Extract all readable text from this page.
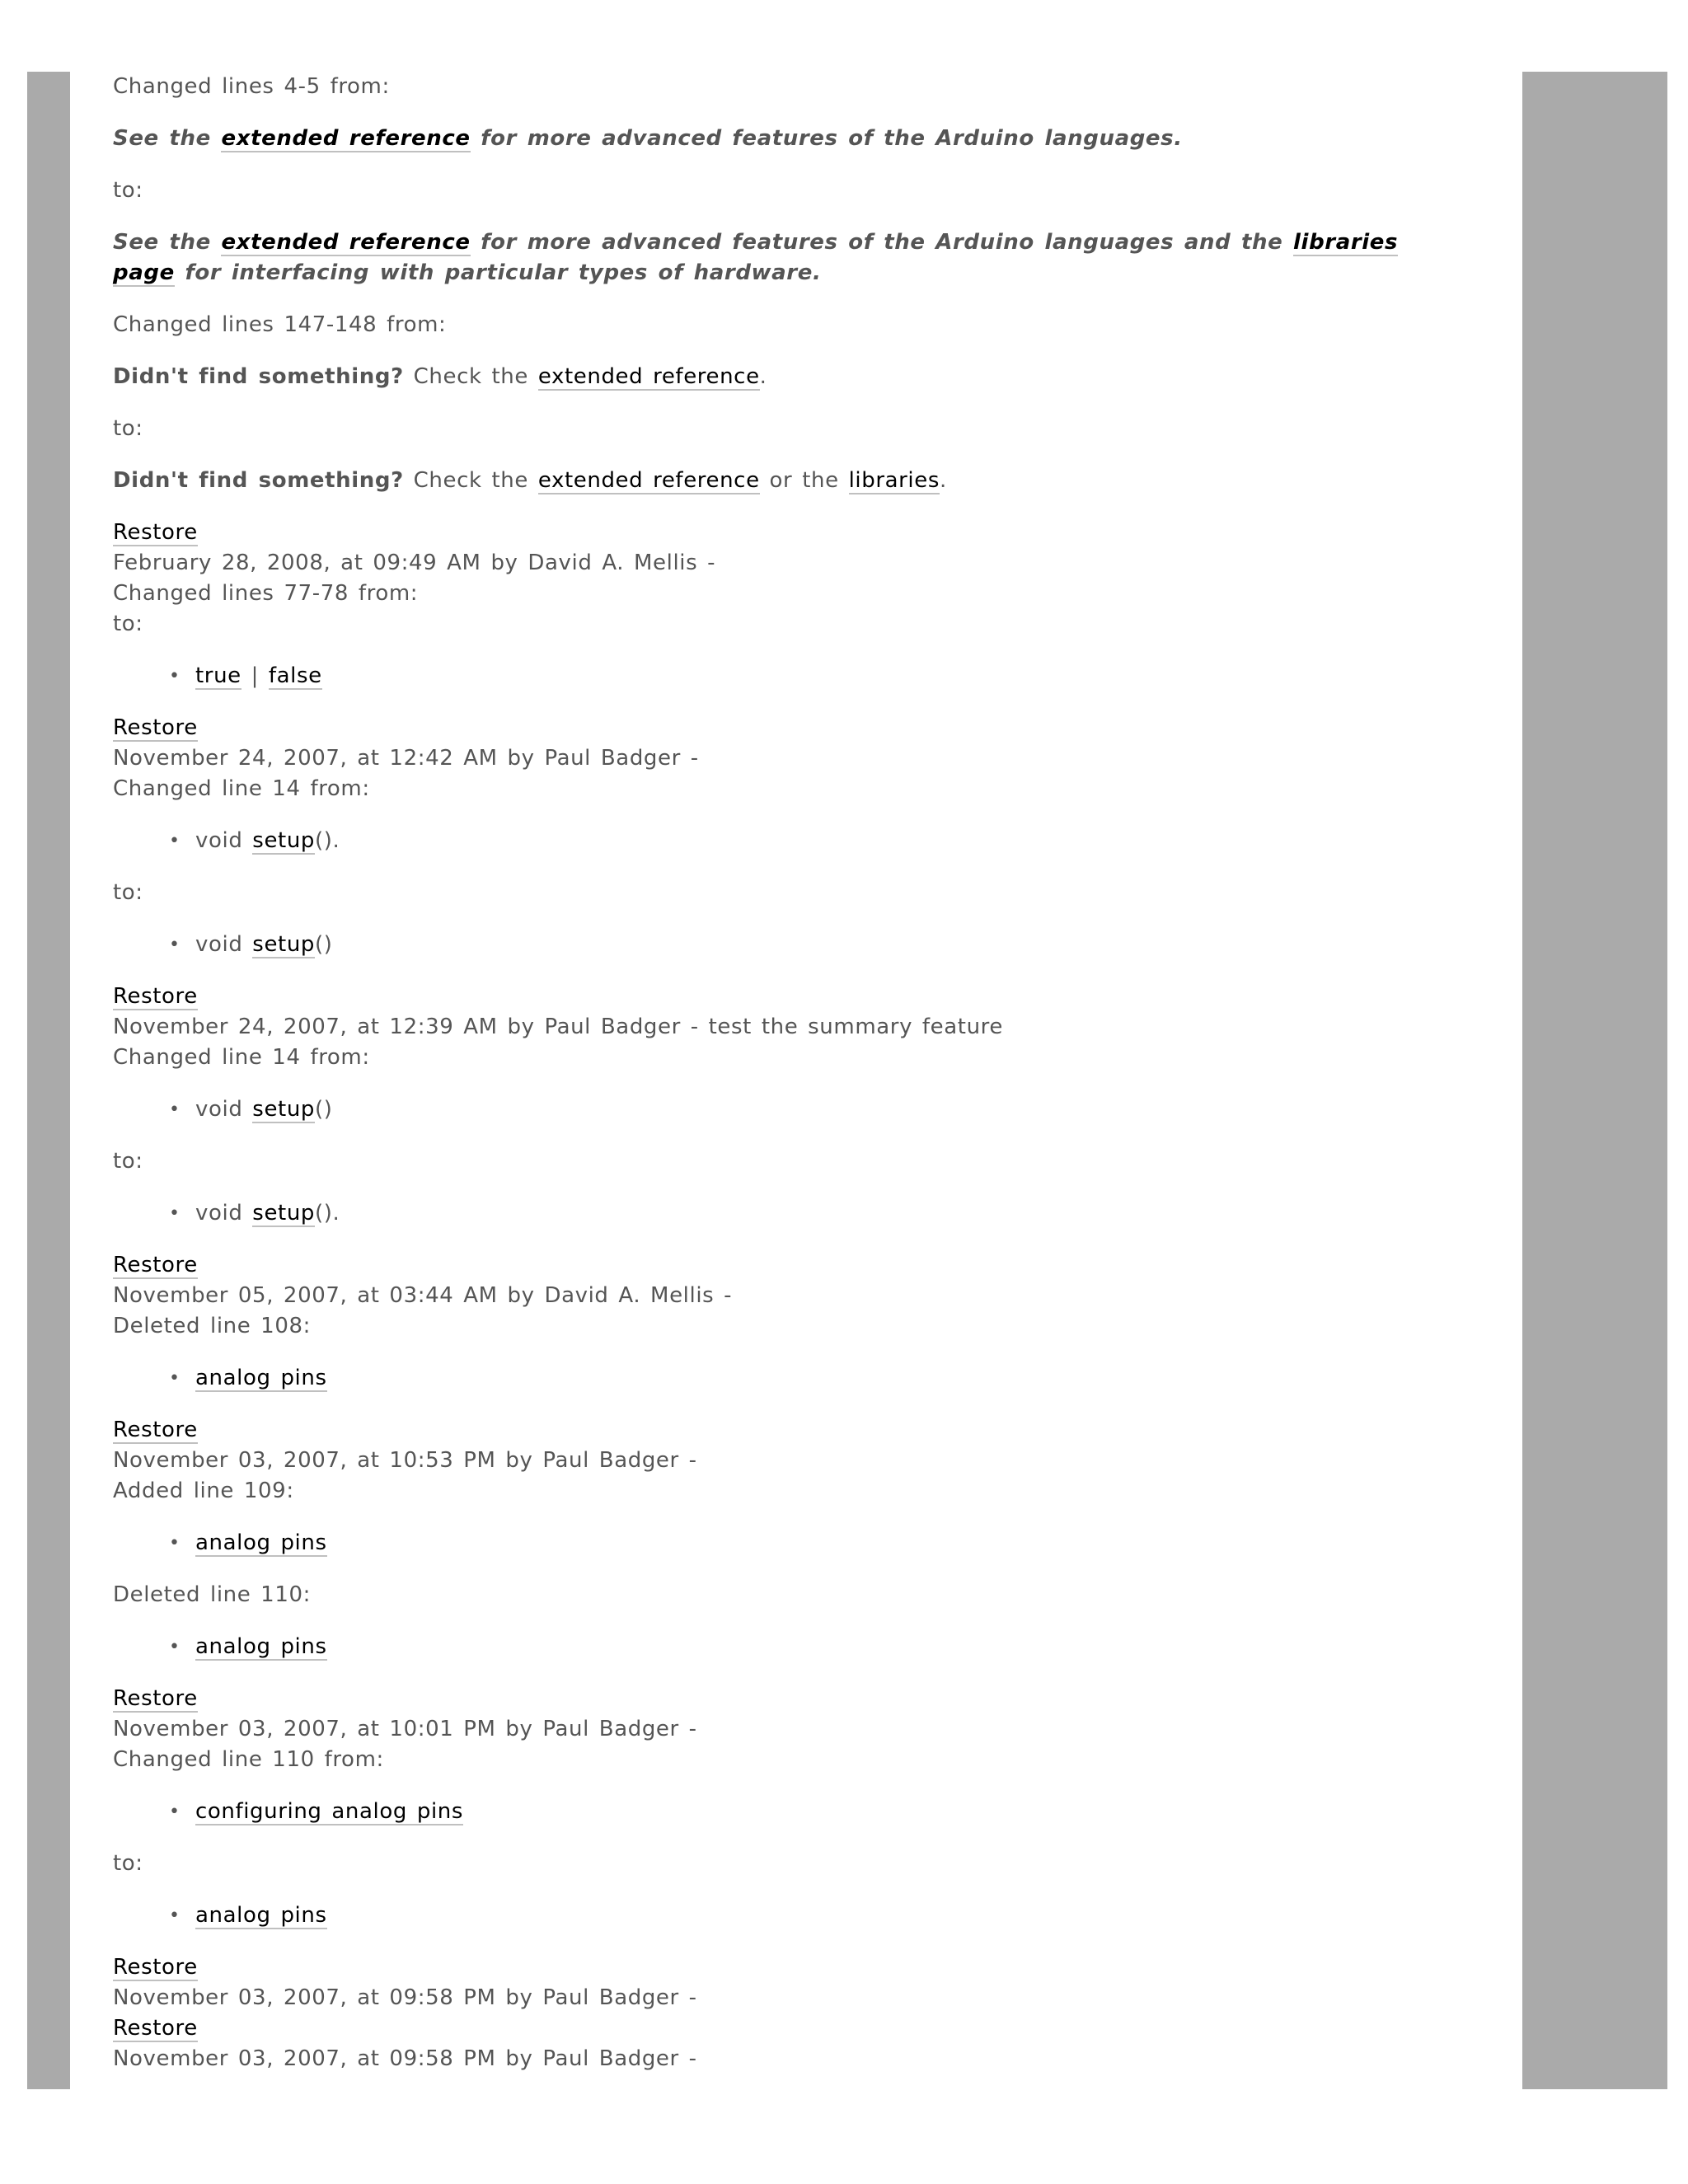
Changed lines 4-5 from:

See the extended reference for more advanced features of the Arduino languages.

to:

See the extended reference for more advanced features of the Arduino languages and the libraries page for interfacing with particular types of hardware.

Changed lines 147-148 from:

Didn't find something? Check the extended reference.

to:

Didn't find something? Check the extended reference or the libraries.

Restore

February 28, 2008, at 09:49 AM by David A. Mellis -

Changed lines 77-78 from:

to:

• true | false

Restore

November 24, 2007, at 12:42 AM by Paul Badger -

Changed line 14 from:

• void setup().

to:

• void setup()

Restore

November 24, 2007, at 12:39 AM by Paul Badger - test the summary feature

Changed line 14 from:

• void setup()

to:

• void setup().

Restore

November 05, 2007, at 03:44 AM by David A. Mellis -

Deleted line 108:

• analog pins

Restore

November 03, 2007, at 10:53 PM by Paul Badger -

Added line 109:

• analog pins

Deleted line 110:

• analog pins

Restore

November 03, 2007, at 10:01 PM by Paul Badger -

Changed line 110 from:

• configuring analog pins

to:

• analog pins

Restore

November 03, 2007, at 09:58 PM by Paul Badger -

Restore

November 03, 2007, at 09:58 PM by Paul Badger -
